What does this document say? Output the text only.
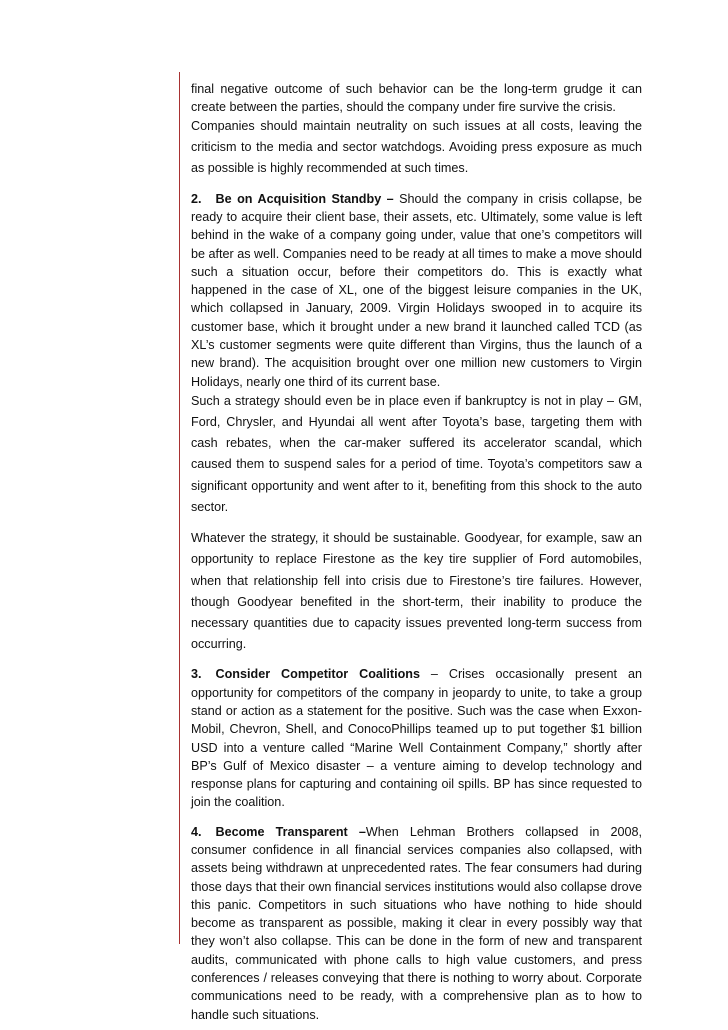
final negative outcome of such behavior can be the long-term grudge it can create between the parties, should the company under fire survive the crisis.

Companies should maintain neutrality on such issues at all costs, leaving the criticism to the media and sector watchdogs. Avoiding press exposure as much as possible is highly recommended at such times.

2. Be on Acquisition Standby – Should the company in crisis collapse, be ready to acquire their client base, their assets, etc. Ultimately, some value is left behind in the wake of a company going under, value that one’s competitors will be after as well. Companies need to be ready at all times to make a move should such a situation occur, before their competitors do. This is exactly what happened in the case of XL, one of the biggest leisure companies in the UK, which collapsed in January, 2009. Virgin Holidays swooped in to acquire its customer base, which it brought under a new brand it launched called TCD (as XL’s customer segments were quite different than Virgins, thus the launch of a new brand). The acquisition brought over one million new customers to Virgin Holidays, nearly one third of its current base.

Such a strategy should even be in place even if bankruptcy is not in play – GM, Ford, Chrysler, and Hyundai all went after Toyota’s base, targeting them with cash rebates, when the car-maker suffered its accelerator scandal, which caused them to suspend sales for a period of time. Toyota’s competitors saw a significant opportunity and went after to it, benefiting from this shock to the auto sector.

Whatever the strategy, it should be sustainable. Goodyear, for example, saw an opportunity to replace Firestone as the key tire supplier of Ford automobiles, when that relationship fell into crisis due to Firestone’s tire failures. However, though Goodyear benefited in the short-term, their inability to produce the necessary quantities due to capacity issues prevented long-term success from occurring.

3. Consider Competitor Coalitions – Crises occasionally present an opportunity for competitors of the company in jeopardy to unite, to take a group stand or action as a statement for the positive. Such was the case when Exxon-Mobil, Chevron, Shell, and ConocoPhillips teamed up to put together $1 billion USD into a venture called “Marine Well Containment Company,” shortly after BP’s Gulf of Mexico disaster – a venture aiming to develop technology and response plans for capturing and containing oil spills. BP has since requested to join the coalition.

4. Become Transparent –When Lehman Brothers collapsed in 2008, consumer confidence in all financial services companies also collapsed, with assets being withdrawn at unprecedented rates. The fear consumers had during those days that their own financial services institutions would also collapse drove this panic. Competitors in such situations who have nothing to hide should become as transparent as possible, making it clear in every possibly way that they won’t also collapse. This can be done in the form of new and transparent audits, communicated with phone calls to high value customers, and press conferences / releases conveying that there is nothing to worry about. Corporate communications need to be ready, with a comprehensive plan as to how to handle such situations.
